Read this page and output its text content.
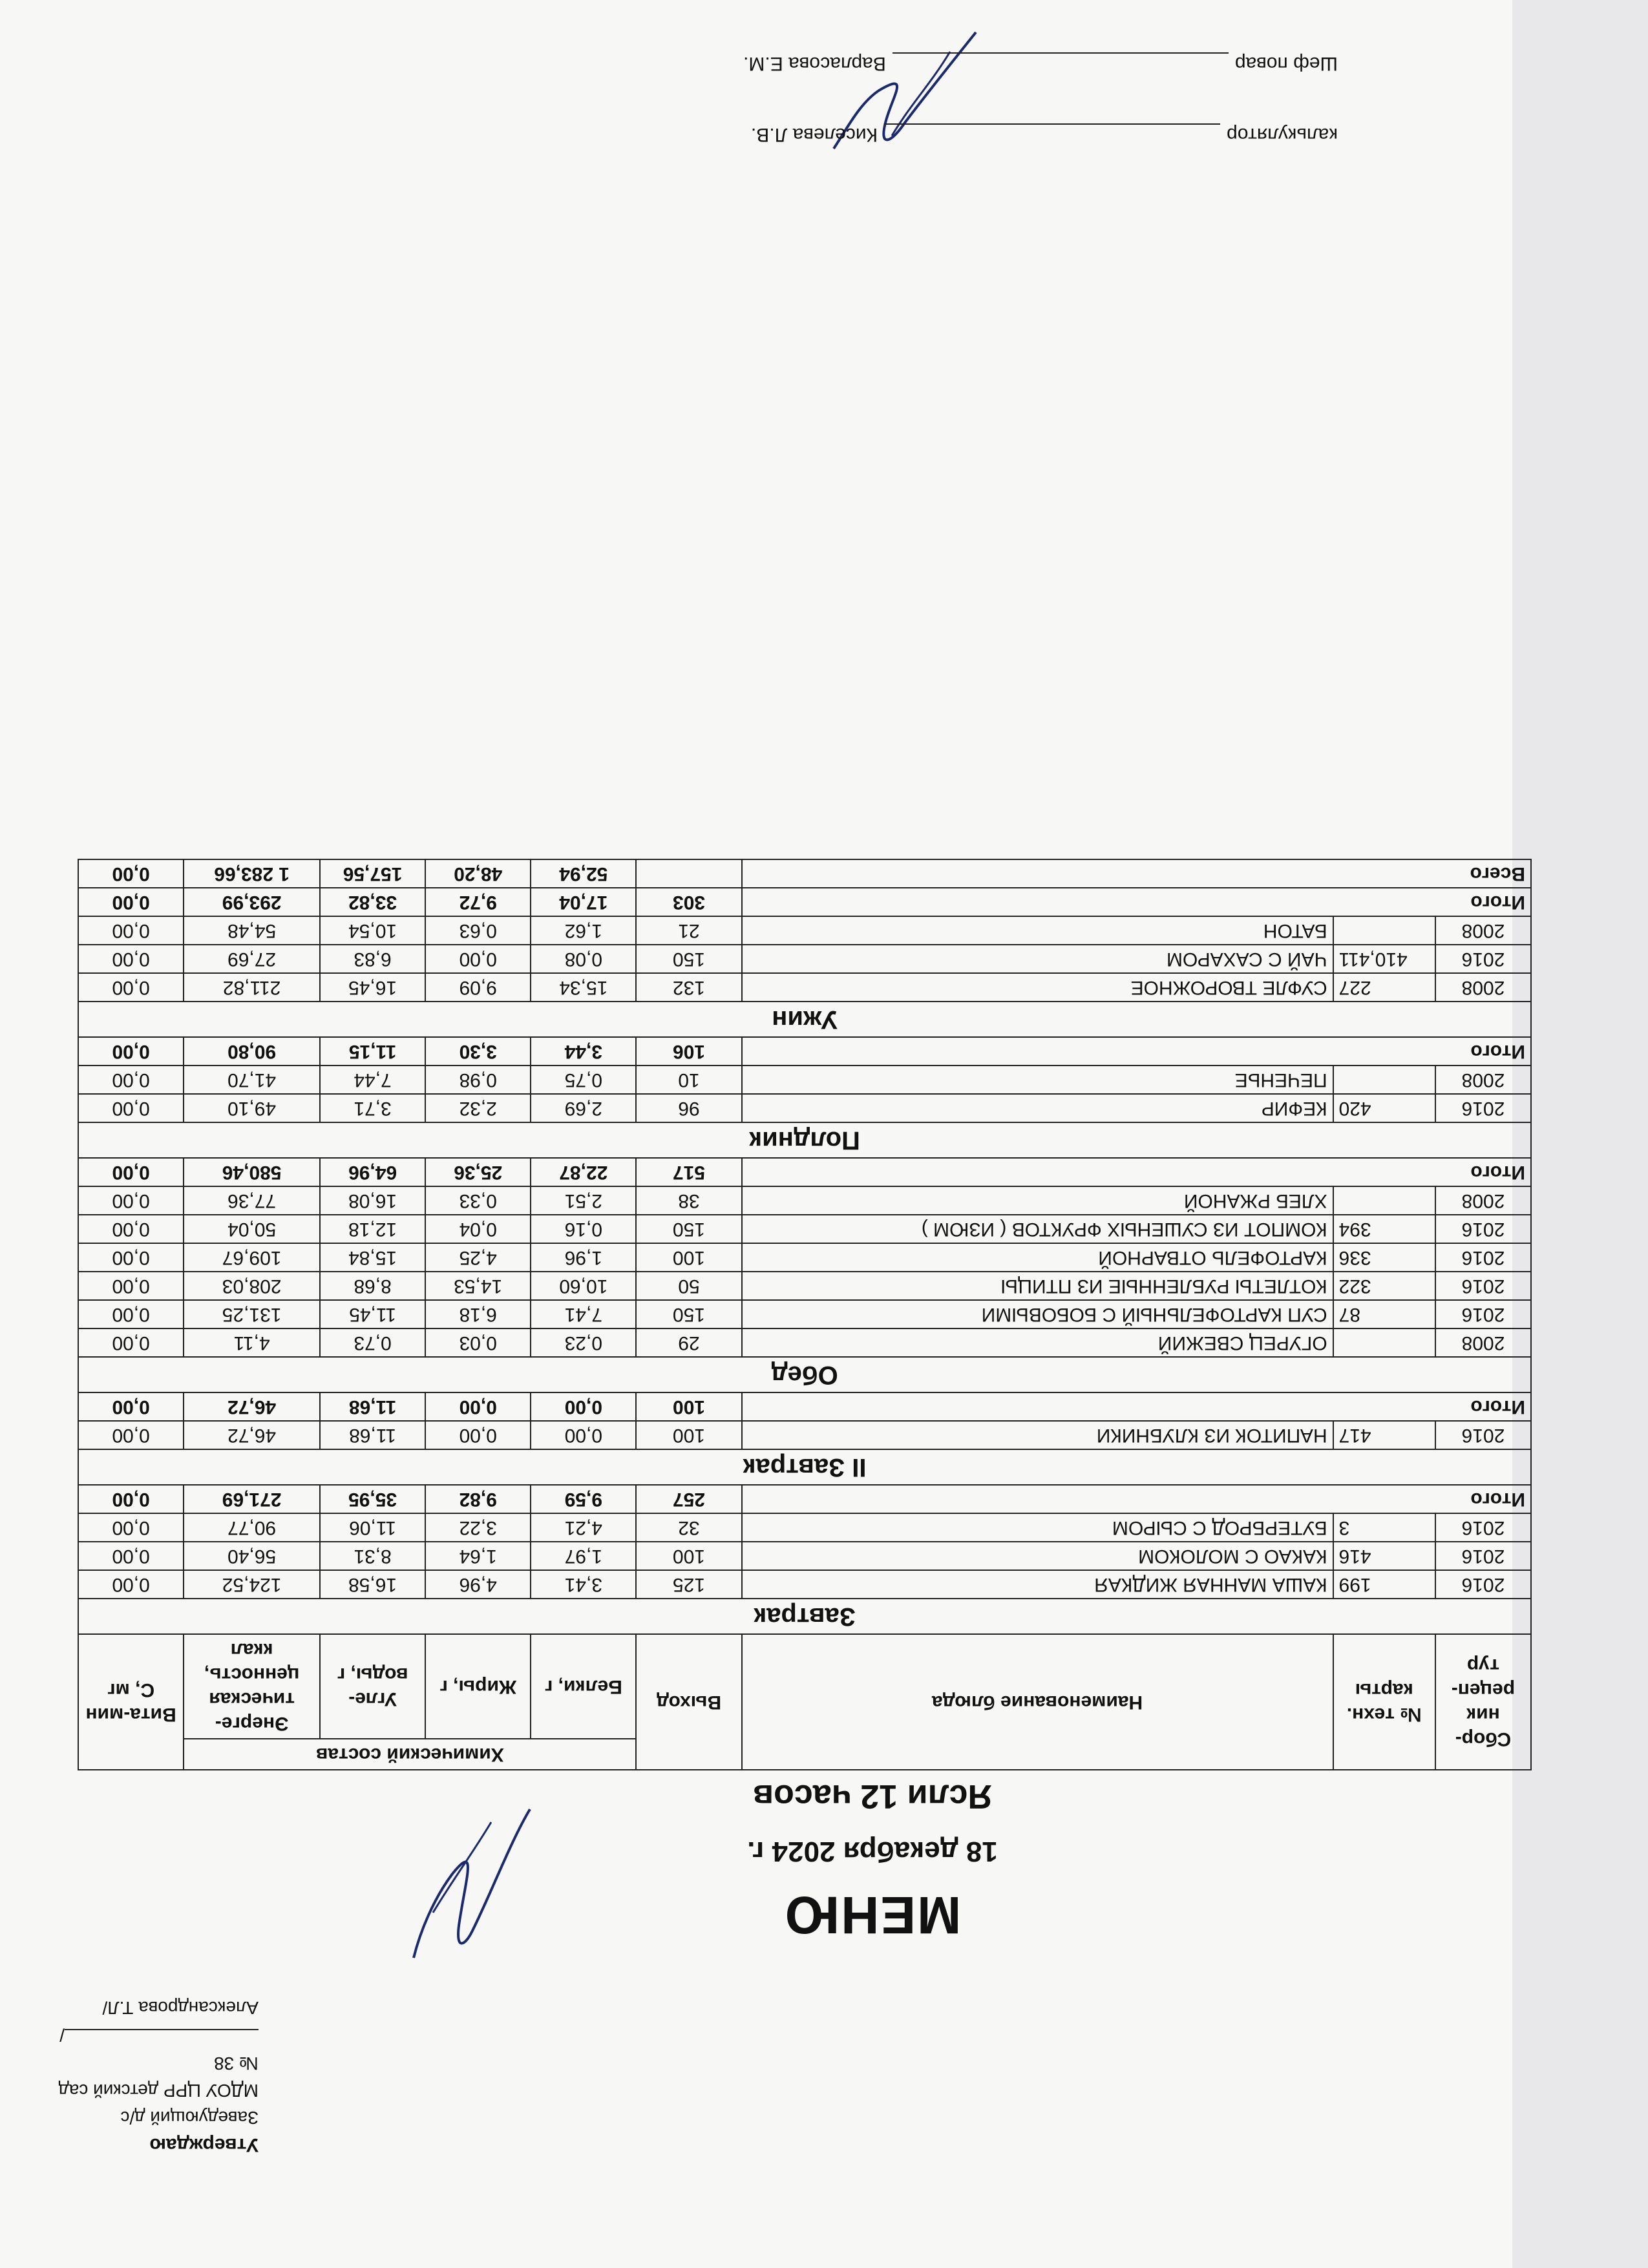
Утверждаю
Заведующий д/с
МДОУ ЦРР детский сад № 38
/Александрова Т.Л/
МЕНЮ
18 декабря 2024 г.
Ясли 12 часов
Сбор-ник рецеп-тур	№ техн. карты	Наименование блюда	Выход	Химический состав				Вита-мин С, мг
				Белки, г	Жиры, г	Угле-воды, г	Энерге-тическая ценность, ккал	
Завтрак								
2016	199	КАША МАННАЯ ЖИДКАЯ	125	3,41	4,96	16,58	124,52	0,00
2016	416	КАКАО С МОЛОКОМ	100	1,97	1,64	8,31	56,40	0,00
2016	3	БУТЕРБРОД С СЫРОМ	32	4,21	3,22	11,06	90,77	0,00
Итого			257	9,59	9,82	35,95	271,69	0,00
II Завтрак								
2016	417	НАПИТОК ИЗ КЛУБНИКИ	100	0,00	0,00	11,68	46,72	0,00
Итого			100	0,00	0,00	11,68	46,72	0,00
Обед								
2008		ОГУРЕЦ СВЕЖИЙ	29	0,23	0,03	0,73	4,11	0,00
2016	87	СУП КАРТОФЕЛЬНЫЙ С БОБОВЫМИ	150	7,41	6,18	11,45	131,25	0,00
2016	322	КОТЛЕТЫ РУБЛЕННЫЕ ИЗ ПТИЦЫ	50	10,60	14,53	8,68	208,03	0,00
2016	336	КАРТОФЕЛЬ ОТВАРНОЙ	100	1,96	4,25	15,84	109,67	0,00
2016	394	КОМПОТ ИЗ СУШЕНЫХ ФРУКТОВ ( ИЗЮМ )	150	0,16	0,04	12,18	50,04	0,00
2008		ХЛЕБ РЖАНОЙ	38	2,51	0,33	16,08	77,36	0,00
Итого			517	22,87	25,36	64,96	580,46	0,00
Полдник								
2016	420	КЕФИР	96	2,69	2,32	3,71	49,10	0,00
2008		ПЕЧЕНЬЕ	10	0,75	0,98	7,44	41,70	0,00
Итого			106	3,44	3,30	11,15	90,80	0,00
Ужин								
2008	227	СУФЛЕ ТВОРОЖНОЕ	132	15,34	9,09	16,45	211,82	0,00
2016	410,411	ЧАЙ С САХАРОМ	150	0,08	0,00	6,83	27,69	0,00
2008		БАТОН	21	1,62	0,63	10,54	54,48	0,00
Итого			303	17,04	9,72	33,82	293,99	0,00
Всего				52,94	48,20	157,56	1 283,66	0,00
калькуляторКиселева Л.В.
Шеф поварВарласова Е.М.
